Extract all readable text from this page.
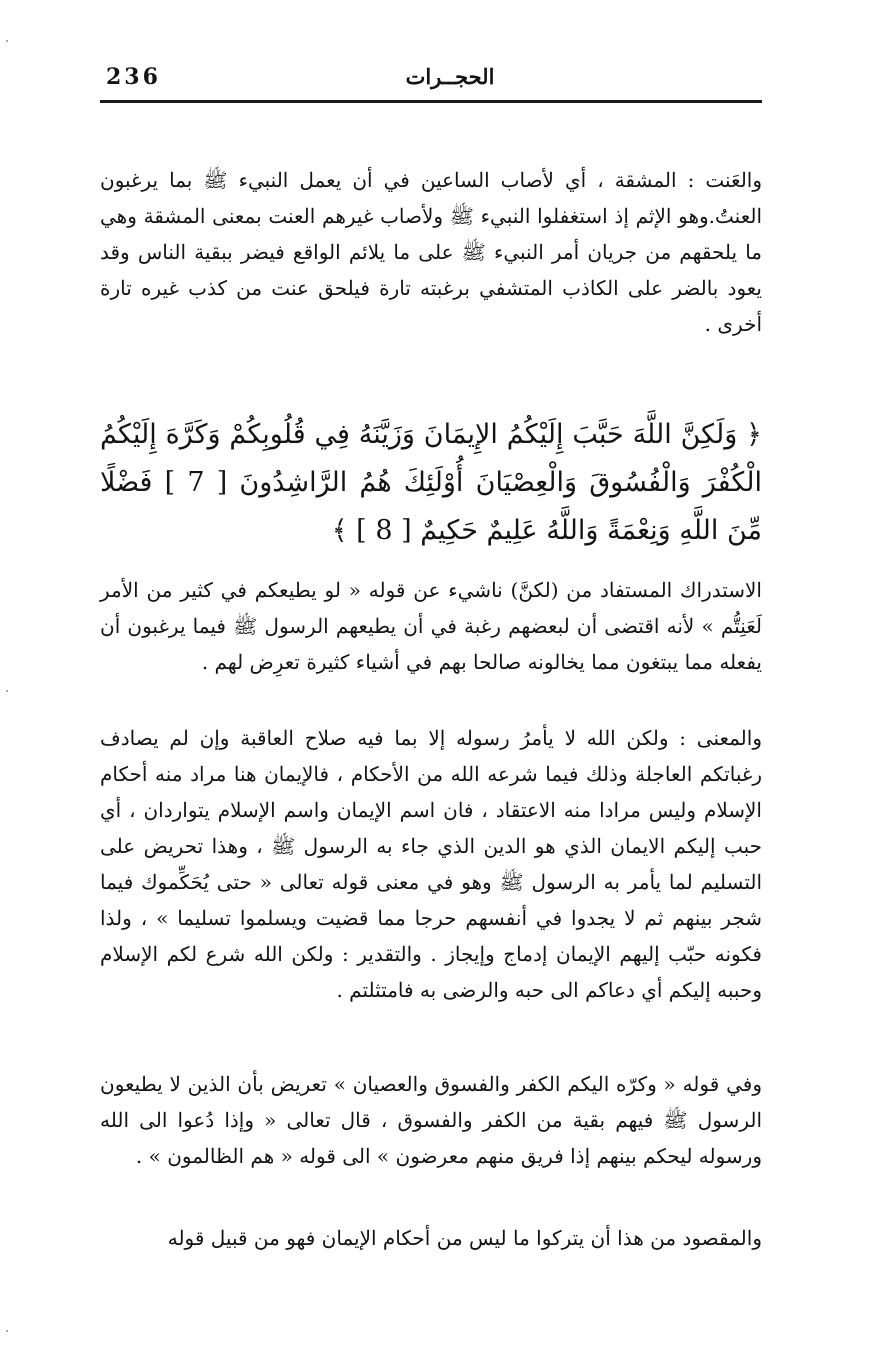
236	الحجــرات

والعَنت : المشقة ، أي لأصاب الساعين في أن يعمل النبيء ﷺ بما يرغبون العنتُ.وهو الإثم إذ استغفلوا النبيء ﷺ ولأصاب غيرهم العنت بمعنى المشقة وهي ما يلحقهم من جريان أمر النبيء ﷺ على ما يلائم الواقع فيضر ببقية الناس وقد يعود بالضر على الكاذب المتشفي برغبته تارة فيلحق عنت من كذب غيره تارة أخرى .

﴿ وَلَكِنَّ اللَّهَ حَبَّبَ إِلَيْكُمُ الإِيمَانَ وَزَيَّنَهُ فِي قُلُوبِكُمْ وَكَرَّهَ إِلَيْكُمُ الْكُفْرَ وَالْفُسُوقَ وَالْعِصْيَانَ أُوْلَئِكَ هُمُ الرَّاشِدُونَ [ 7 ] فَضْلًا مِّنَ اللَّهِ وَنِعْمَةً وَاللَّهُ عَلِيمٌ حَكِيمٌ [ 8 ] ﴾

الاستدراك المستفاد من (لكنَّ) ناشيء عن قوله « لو يطيعكم في كثير من الأمر لَعَنِتُّم » لأنه اقتضى أن لبعضهم رغبة في أن يطيعهم الرسول ﷺ فيما يرغبون أن يفعله مما يبتغون مما يخالونه صالحا بهم في أشياء كثيرة تعرِض لهم .

والمعنى : ولكن الله لا يأمرُ رسوله إلا بما فيه صلاح العاقبة وإن لم يصادف رغباتكم العاجلة وذلك فيما شرعه الله من الأحكام ، فالإيمان هنا مراد منه أحكام الإسلام وليس مرادا منه الاعتقاد ، فان اسم الإيمان واسم الإسلام يتواردان ، أي حبب إليكم الايمان الذي هو الدين الذي جاء به الرسول ﷺ ، وهذا تحريض على التسليم لما يأمر به الرسول ﷺ وهو في معنى قوله تعالى « حتى يُحَكِّموك فيما شجر بينهم ثم لا يجدوا في أنفسهم حرجا مما قضيت ويسلموا تسليما » ، ولذا فكونه حبّب إليهم الإيمان إدماج وإيجاز . والتقدير : ولكن الله شرع لكم الإسلام وحببه إليكم أي دعاكم الى حبه والرضى به فامتثلتم .

وفي قوله « وكرّه اليكم الكفر والفسوق والعصيان » تعريض بأن الذين لا يطيعون الرسول ﷺ فيهم بقية من الكفر والفسوق ، قال تعالى « وإذا دُعوا الى الله ورسوله ليحكم بينهم إذا فريق منهم معرضون » الى قوله « هم الظالمون » .

والمقصود من هذا أن يتركوا ما ليس من أحكام الإيمان فهو من قبيل قوله
